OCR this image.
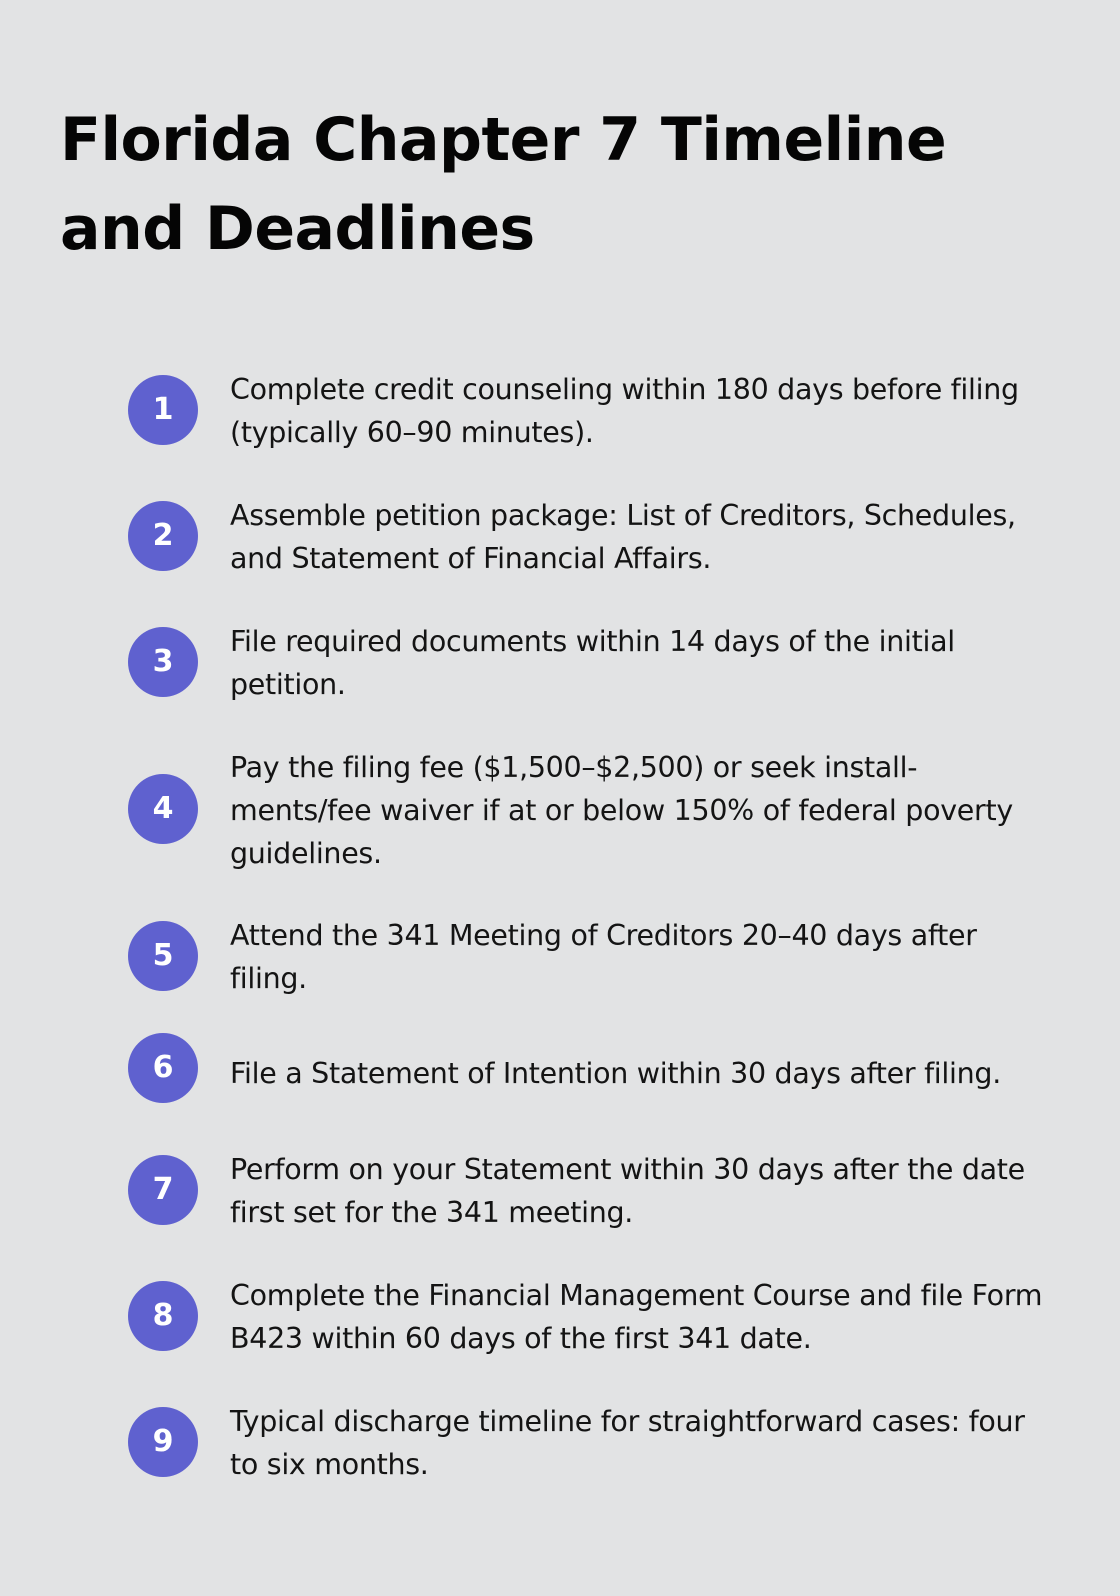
Florida Chapter 7 Timeline and Deadlines
1

Complete credit counseling within 180 days before filing (typically 60–90 minutes).

2

Assemble petition package: List of Creditors, Schedules, and Statement of Financial Affairs.

3

File required documents within 14 days of the initial petition.

4

Pay the filing fee ($1,500–$2,500) or seek install-ments/fee waiver if at or below 150% of federal poverty guidelines.

5

Attend the 341 Meeting of Creditors 20–40 days after filing.

6	File a Statement of Intention within 30 days after filing.

7

Perform on your Statement within 30 days after the date first set for the 341 meeting.

8

Complete the Financial Management Course and file Form B423 within 60 days of the first 341 date.

9

Typical discharge timeline for straightforward cases: four to six months.
